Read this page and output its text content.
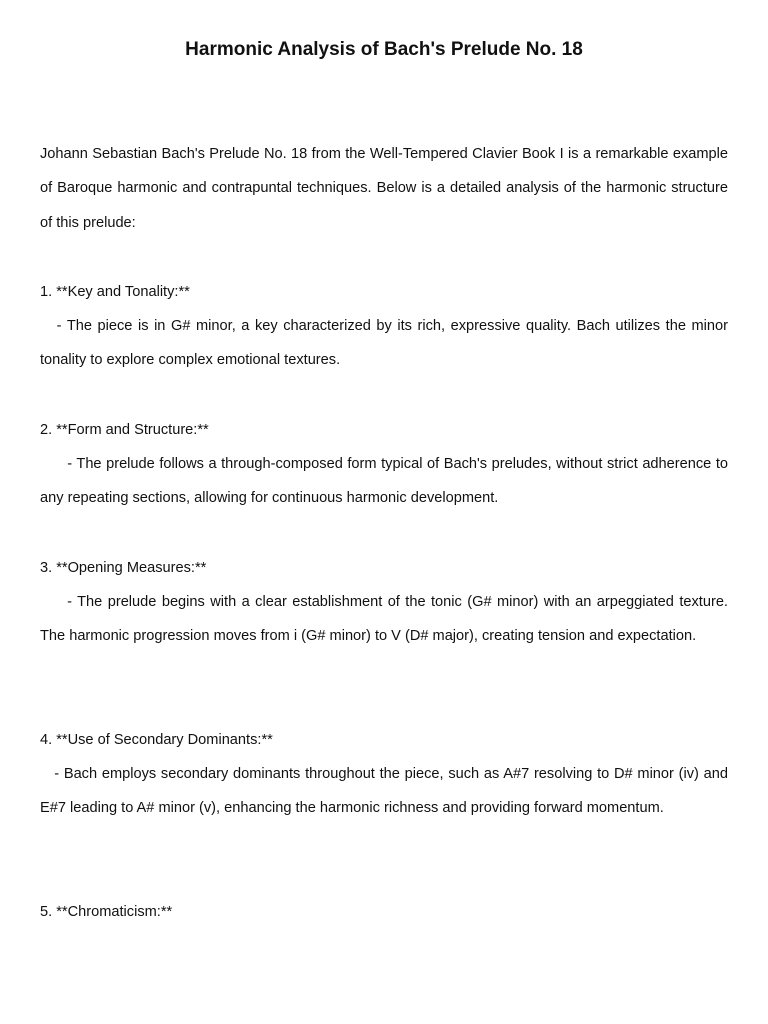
Harmonic Analysis of Bach's Prelude No. 18

Johann Sebastian Bach's Prelude No. 18 from the Well-Tempered Clavier Book I is a remarkable example of Baroque harmonic and contrapuntal techniques. Below is a detailed analysis of the harmonic structure of this prelude:

1. **Key and Tonality:**

- The piece is in G# minor, a key characterized by its rich, expressive quality. Bach utilizes the minor tonality to explore complex emotional textures.

2. **Form and Structure:**

- The prelude follows a through-composed form typical of Bach's preludes, without strict adherence to any repeating sections, allowing for continuous harmonic development.

3. **Opening Measures:**

- The prelude begins with a clear establishment of the tonic (G# minor) with an arpeggiated texture. The harmonic progression moves from i (G# minor) to V (D# major), creating tension and expectation.

4. **Use of Secondary Dominants:**

- Bach employs secondary dominants throughout the piece, such as A#7 resolving to D# minor (iv) and E#7 leading to A# minor (v), enhancing the harmonic richness and providing forward momentum.

5. **Chromaticism:**
